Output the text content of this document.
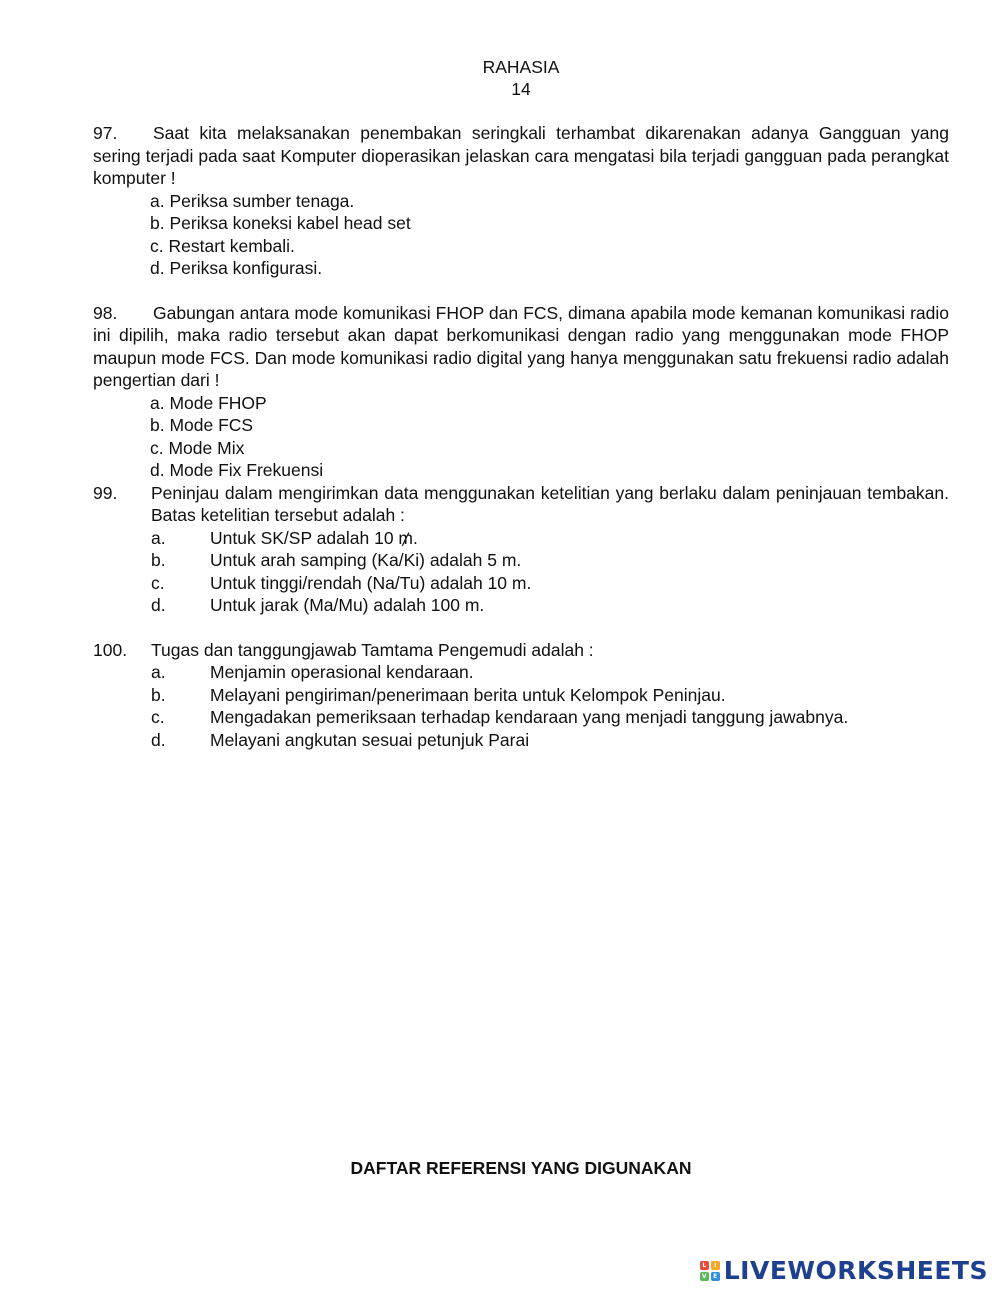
RAHASIA
14
97. Saat kita melaksanakan penembakan seringkali terhambat dikarenakan adanya Gangguan yang sering terjadi pada saat Komputer dioperasikan jelaskan cara mengatasi bila terjadi gangguan pada perangkat komputer !
a. Periksa sumber tenaga.
b. Periksa koneksi kabel head set
c. Restart kembali.
d. Periksa konfigurasi.
98. Gabungan antara mode komunikasi FHOP dan FCS, dimana apabila mode kemanan komunikasi radio ini dipilih, maka radio tersebut akan dapat berkomunikasi dengan radio yang menggunakan mode FHOP maupun mode FCS. Dan mode komunikasi radio digital yang hanya menggunakan satu frekuensi radio adalah pengertian dari !
a. Mode FHOP
b. Mode FCS
c. Mode Mix
d. Mode Fix Frekuensi
99.	Peninjau dalam mengirimkan data menggunakan ketelitian yang berlaku dalam peninjauan tembakan. Batas ketelitian tersebut adalah :
a.	Untuk SK/SP adalah 10 ₥.
b.	Untuk arah samping (Ka/Ki) adalah 5 m.
c.	Untuk tinggi/rendah (Na/Tu) adalah 10 m.
d.	Untuk jarak (Ma/Mu) adalah 100 m.
100.	Tugas dan tanggungjawab Tamtama Pengemudi adalah :
a.	Menjamin operasional kendaraan.
b.	Melayani pengiriman/penerimaan berita untuk Kelompok Peninjau.
c.	Mengadakan pemeriksaan terhadap kendaraan yang menjadi tanggung jawabnya.
d.	Melayani angkutan sesuai petunjuk Parai
DAFTAR REFERENSI YANG DIGUNAKAN
L	I
V	E LIVEWORKSHEETS
